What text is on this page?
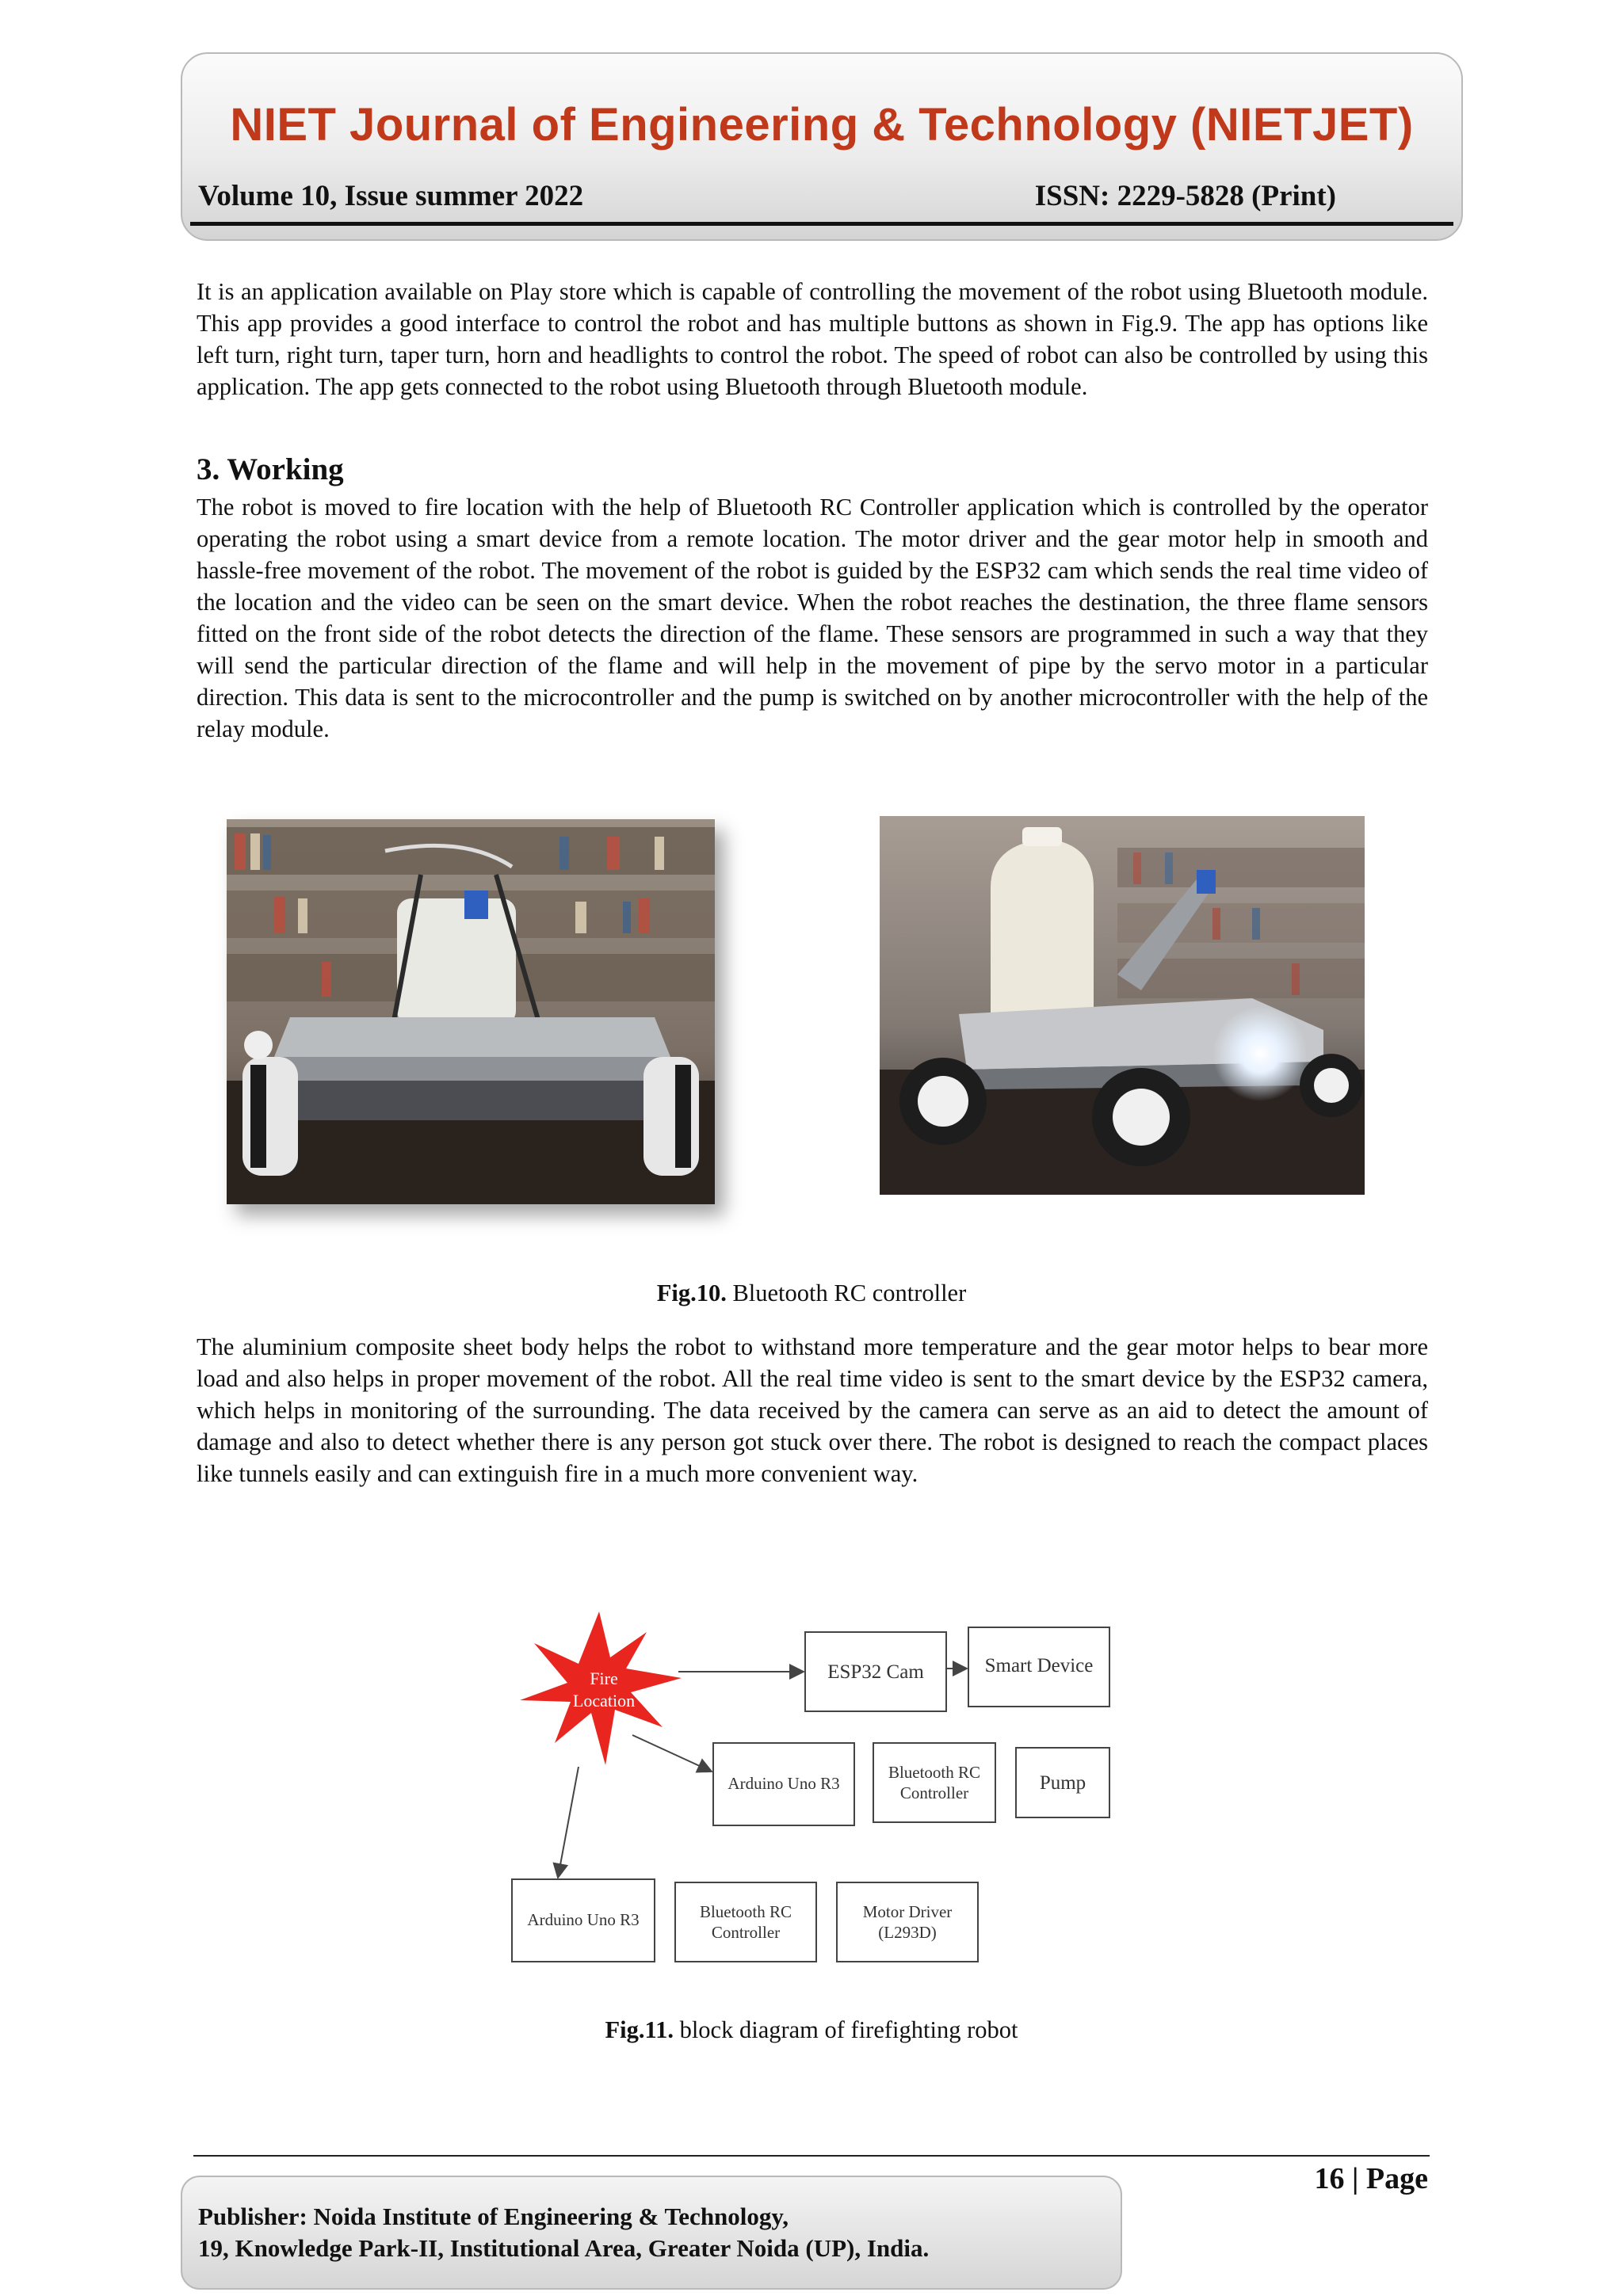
NIET Journal of Engineering & Technology (NIETJET)
Volume 10, Issue summer 2022	ISSN: 2229-5828 (Print)

It is an application available on Play store which is capable of controlling the movement of the robot using Bluetooth module. This app provides a good interface to control the robot and has multiple buttons as shown in Fig.9. The app has options like left turn, right turn, taper turn, horn and headlights to control the robot. The speed of robot can also be controlled by using this application. The app gets connected to the robot using Bluetooth through Bluetooth module.

3. Working

The robot is moved to fire location with the help of Bluetooth RC Controller application which is controlled by the operator operating the robot using a smart device from a remote location. The motor driver and the gear motor help in smooth and hassle-free movement of the robot. The movement of the robot is guided by the ESP32 cam which sends the real time video of the location and the video can be seen on the smart device. When the robot reaches the destination, the three flame sensors fitted on the front side of the robot detects the direction of the flame. These sensors are programmed in such a way that they will send the particular direction of the flame and will help in the movement of pipe by the servo motor in a particular direction. This data is sent to the microcontroller and the pump is switched on by another microcontroller with the help of the relay module.

Fig.10. Bluetooth RC controller

The aluminium composite sheet body helps the robot to withstand more temperature and the gear motor helps to bear more load and also helps in proper movement of the robot. All the real time video is sent to the smart device by the ESP32 camera, which helps in monitoring of the surrounding. The data received by the camera can serve as an aid to detect the amount of damage and also to detect whether there is any person got stuck over there. The robot is designed to reach the compact places like tunnels easily and can extinguish fire in a much more convenient way.

Fire
Location
ESP32 Cam	Smart Device
Arduino Uno R3
Bluetooth RC
Controller	Pump
Arduino Uno R3	Bluetooth RC
Controller
Motor Driver
(L293D)
Fig.11. block diagram of firefighting robot
16 | Page
Publisher: Noida Institute of Engineering & Technology,
19, Knowledge Park-II, Institutional Area, Greater Noida (UP), India.
